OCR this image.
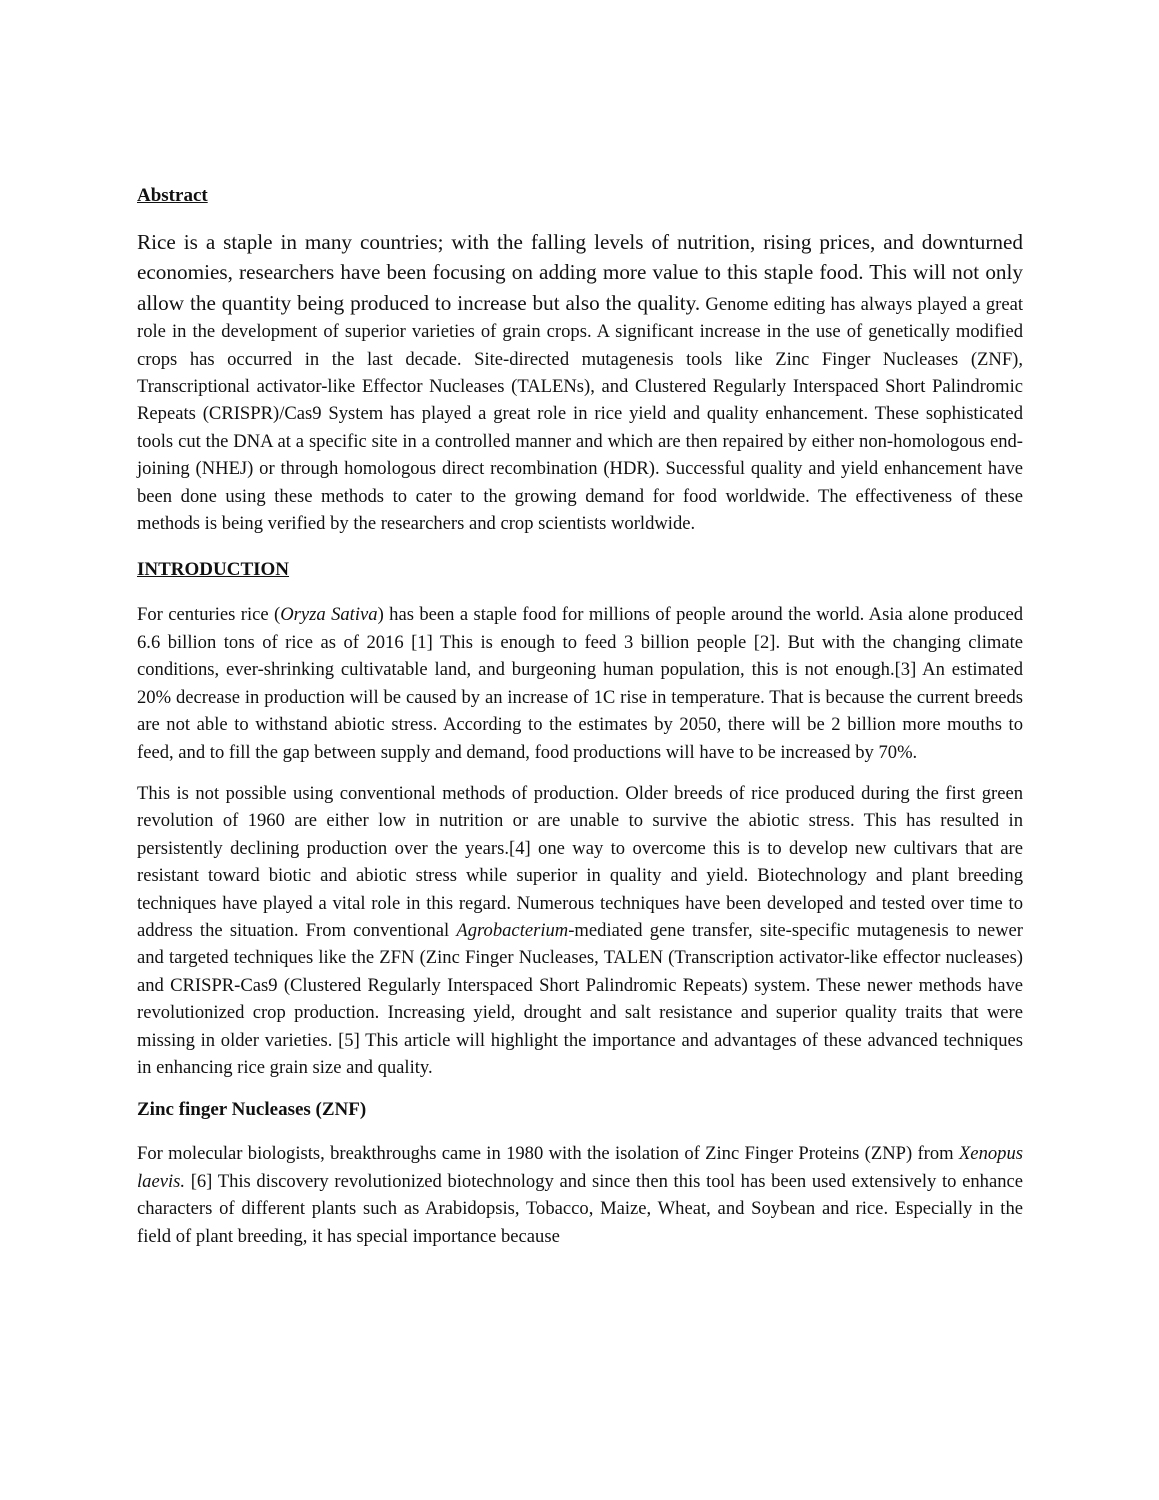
Abstract

Rice is a staple in many countries; with the falling levels of nutrition, rising prices, and downturned economies, researchers have been focusing on adding more value to this staple food. This will not only allow the quantity being produced to increase but also the quality. Genome editing has always played a great role in the development of superior varieties of grain crops. A significant increase in the use of genetically modified crops has occurred in the last decade. Site-directed mutagenesis tools like Zinc Finger Nucleases (ZNF), Transcriptional activator-like Effector Nucleases (TALENs), and Clustered Regularly Interspaced Short Palindromic Repeats (CRISPR)/Cas9 System has played a great role in rice yield and quality enhancement. These sophisticated tools cut the DNA at a specific site in a controlled manner and which are then repaired by either non-homologous end-joining (NHEJ) or through homologous direct recombination (HDR). Successful quality and yield enhancement have been done using these methods to cater to the growing demand for food worldwide. The effectiveness of these methods is being verified by the researchers and crop scientists worldwide.

INTRODUCTION

For centuries rice (Oryza Sativa) has been a staple food for millions of people around the world. Asia alone produced 6.6 billion tons of rice as of 2016 [1] This is enough to feed 3 billion people [2]. But with the changing climate conditions, ever-shrinking cultivatable land, and burgeoning human population, this is not enough.[3] An estimated 20% decrease in production will be caused by an increase of 1C rise in temperature. That is because the current breeds are not able to withstand abiotic stress. According to the estimates by 2050, there will be 2 billion more mouths to feed, and to fill the gap between supply and demand, food productions will have to be increased by 70%.

This is not possible using conventional methods of production. Older breeds of rice produced during the first green revolution of 1960 are either low in nutrition or are unable to survive the abiotic stress. This has resulted in persistently declining production over the years.[4] one way to overcome this is to develop new cultivars that are resistant toward biotic and abiotic stress while superior in quality and yield. Biotechnology and plant breeding techniques have played a vital role in this regard. Numerous techniques have been developed and tested over time to address the situation. From conventional Agrobacterium-mediated gene transfer, site-specific mutagenesis to newer and targeted techniques like the ZFN (Zinc Finger Nucleases, TALEN (Transcription activator-like effector nucleases) and CRISPR-Cas9 (Clustered Regularly Interspaced Short Palindromic Repeats) system. These newer methods have revolutionized crop production. Increasing yield, drought and salt resistance and superior quality traits that were missing in older varieties. [5] This article will highlight the importance and advantages of these advanced techniques in enhancing rice grain size and quality.

Zinc finger Nucleases (ZNF)

For molecular biologists, breakthroughs came in 1980 with the isolation of Zinc Finger Proteins (ZNP) from Xenopus laevis. [6] This discovery revolutionized biotechnology and since then this tool has been used extensively to enhance characters of different plants such as Arabidopsis, Tobacco, Maize, Wheat, and Soybean and rice. Especially in the field of plant breeding, it has special importance because
